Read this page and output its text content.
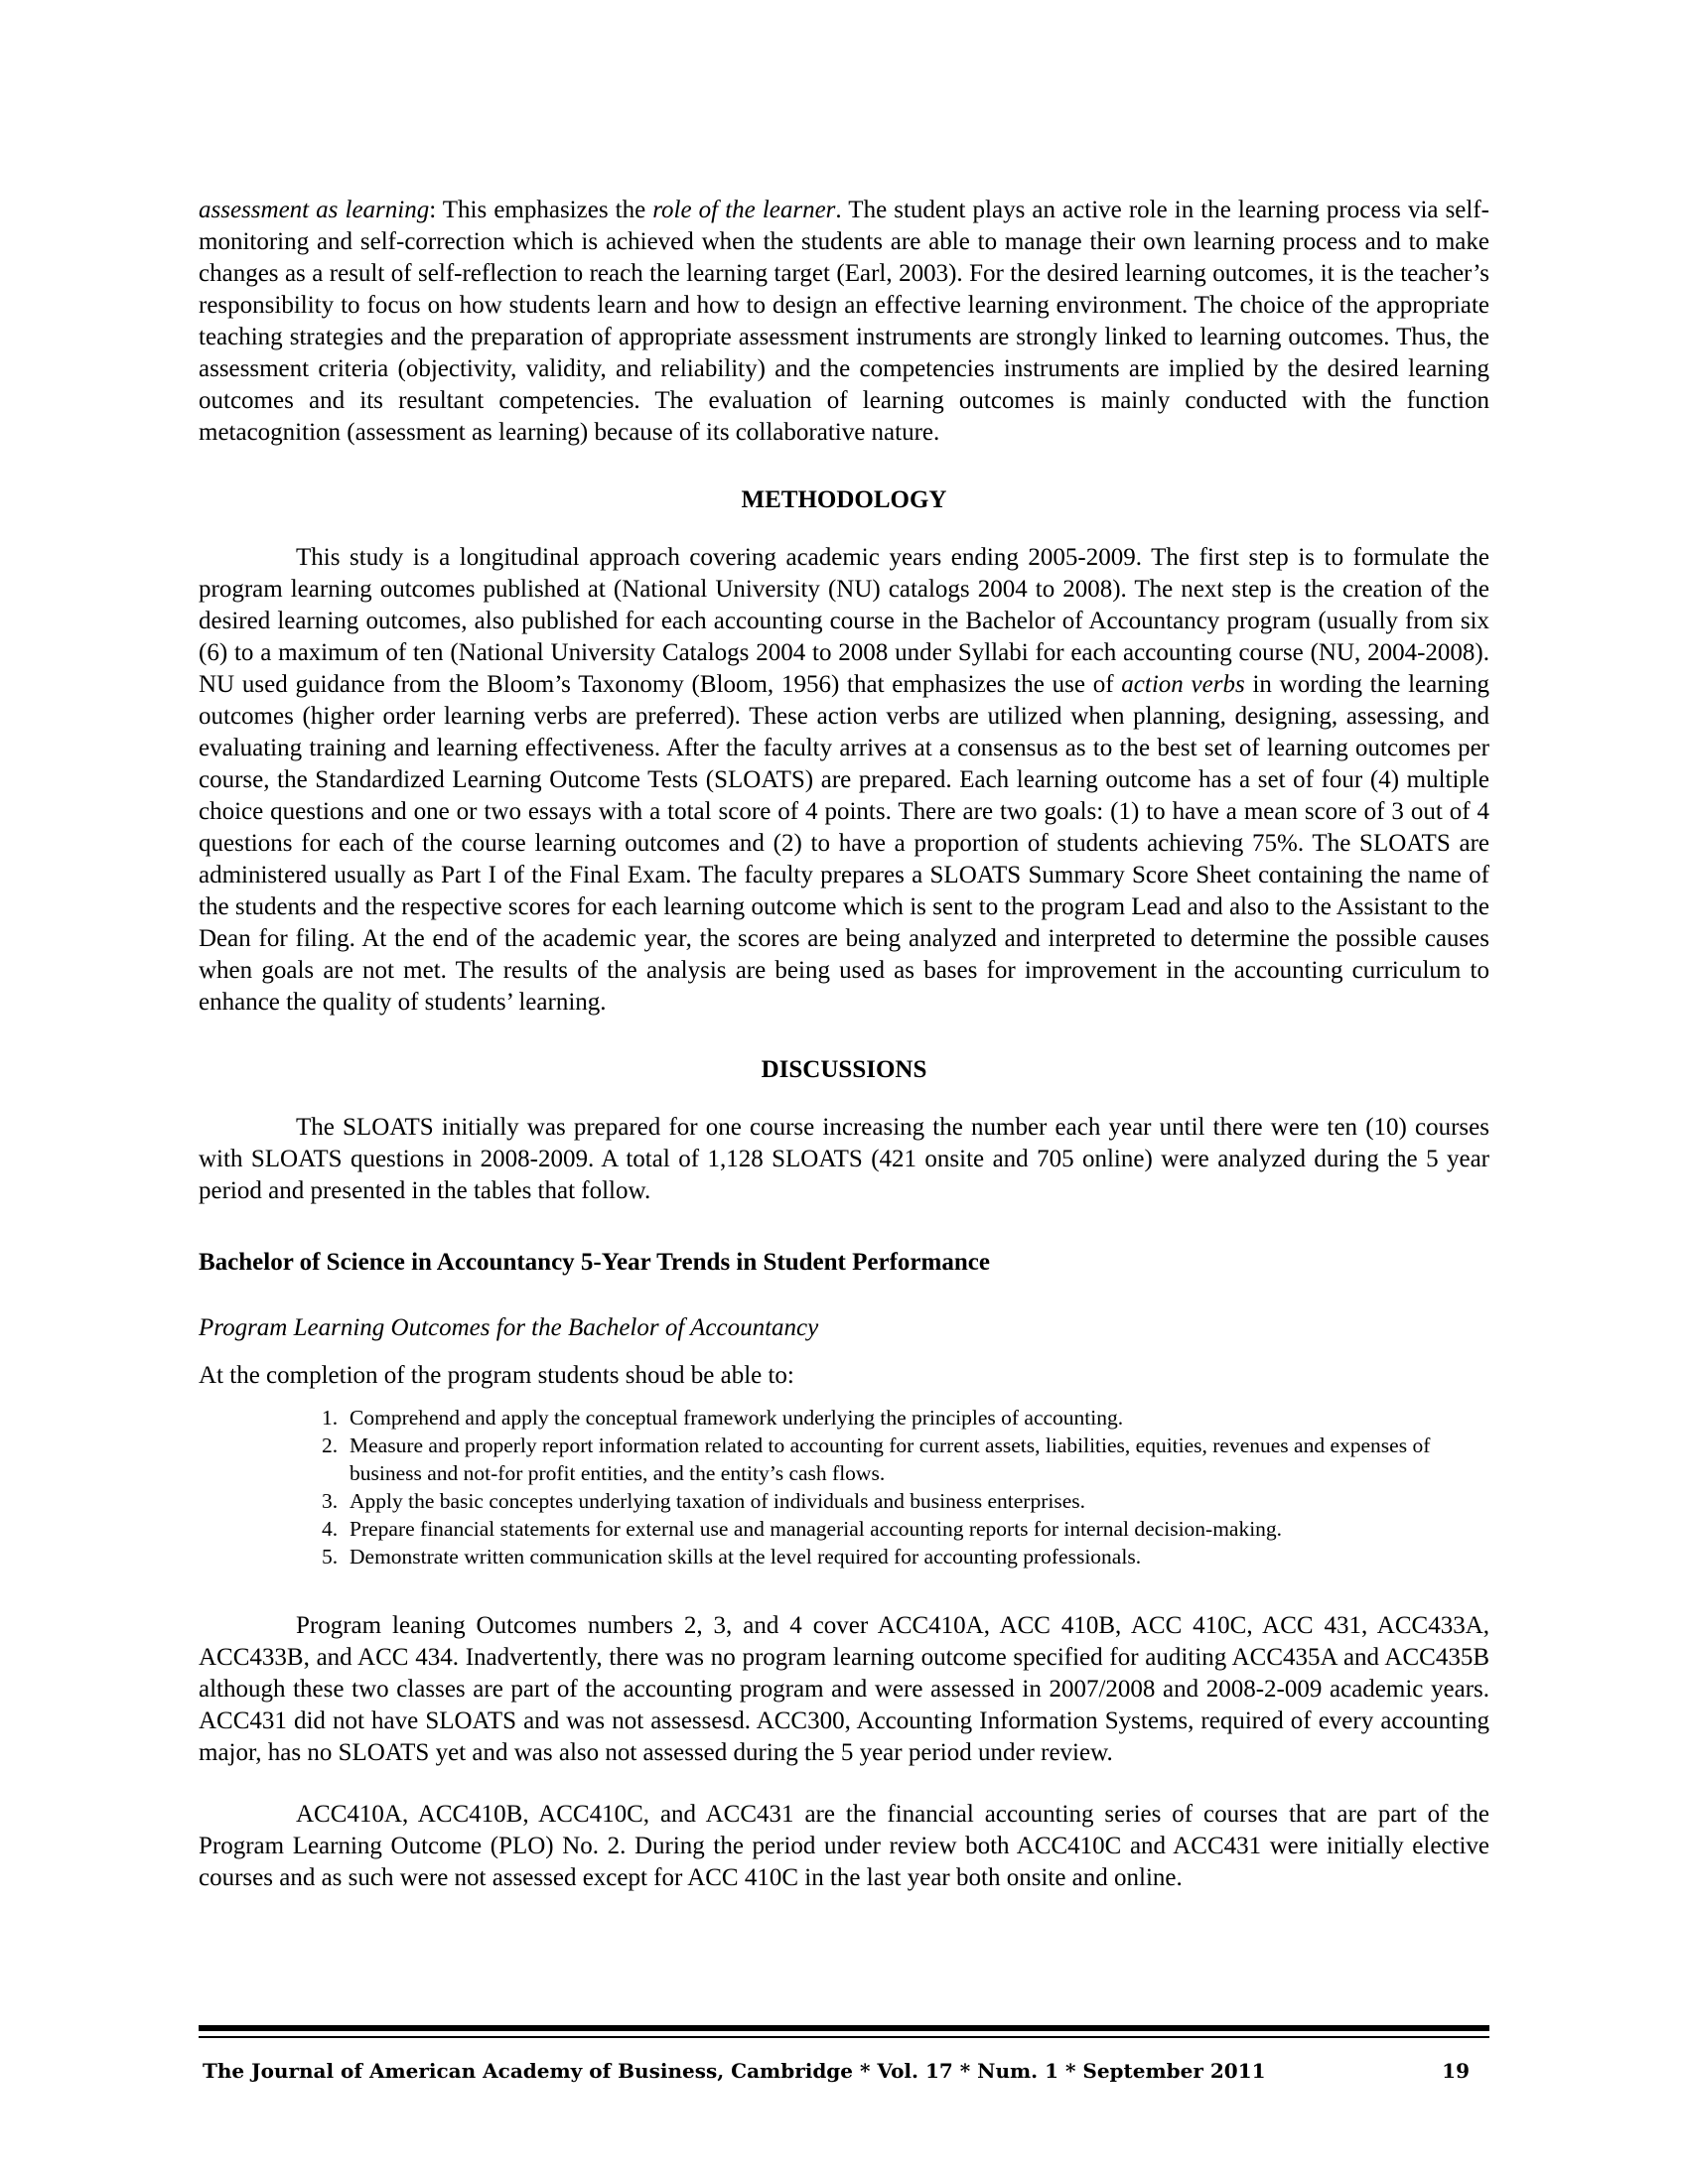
assessment as learning: This emphasizes the role of the learner. The student plays an active role in the learning process via self-monitoring and self-correction which is achieved when the students are able to manage their own learning process and to make changes as a result of self-reflection to reach the learning target (Earl, 2003). For the desired learning outcomes, it is the teacher’s responsibility to focus on how students learn and how to design an effective learning environment. The choice of the appropriate teaching strategies and the preparation of appropriate assessment instruments are strongly linked to learning outcomes. Thus, the assessment criteria (objectivity, validity, and reliability) and the competencies instruments are implied by the desired learning outcomes and its resultant competencies. The evaluation of learning outcomes is mainly conducted with the function metacognition (assessment as learning) because of its collaborative nature.

METHODOLOGY

This study is a longitudinal approach covering academic years ending 2005-2009. The first step is to formulate the program learning outcomes published at (National University (NU) catalogs 2004 to 2008). The next step is the creation of the desired learning outcomes, also published for each accounting course in the Bachelor of Accountancy program (usually from six (6) to a maximum of ten (National University Catalogs 2004 to 2008 under Syllabi for each accounting course (NU, 2004-2008). NU used guidance from the Bloom’s Taxonomy (Bloom, 1956) that emphasizes the use of action verbs in wording the learning outcomes (higher order learning verbs are preferred). These action verbs are utilized when planning, designing, assessing, and evaluating training and learning effectiveness. After the faculty arrives at a consensus as to the best set of learning outcomes per course, the Standardized Learning Outcome Tests (SLOATS) are prepared. Each learning outcome has a set of four (4) multiple choice questions and one or two essays with a total score of 4 points. There are two goals: (1) to have a mean score of 3 out of 4 questions for each of the course learning outcomes and (2) to have a proportion of students achieving 75%. The SLOATS are administered usually as Part I of the Final Exam. The faculty prepares a SLOATS Summary Score Sheet containing the name of the students and the respective scores for each learning outcome which is sent to the program Lead and also to the Assistant to the Dean for filing. At the end of the academic year, the scores are being analyzed and interpreted to determine the possible causes when goals are not met. The results of the analysis are being used as bases for improvement in the accounting curriculum to enhance the quality of students’ learning.

DISCUSSIONS

The SLOATS initially was prepared for one course increasing the number each year until there were ten (10) courses with SLOATS questions in 2008-2009. A total of 1,128 SLOATS (421 onsite and 705 online) were analyzed during the 5 year period and presented in the tables that follow.

Bachelor of Science in Accountancy 5-Year Trends in Student Performance

Program Learning Outcomes for the Bachelor of Accountancy

At the completion of the program students shoud be able to:

1. Comprehend and apply the conceptual framework underlying the principles of accounting.
2. Measure and properly report information related to accounting for current assets, liabilities, equities, revenues and expenses of business and not-for profit entities, and the entity’s cash flows.
3. Apply the basic conceptes underlying taxation of individuals and business enterprises.
4. Prepare financial statements for external use and managerial accounting reports for internal decision-making.
5. Demonstrate written communication skills at the level required for accounting professionals.

Program leaning Outcomes numbers 2, 3, and 4 cover ACC410A, ACC 410B, ACC 410C, ACC 431, ACC433A, ACC433B, and ACC 434. Inadvertently, there was no program learning outcome specified for auditing ACC435A and ACC435B although these two classes are part of the accounting program and were assessed in 2007/2008 and 2008-2-009 academic years. ACC431 did not have SLOATS and was not assessesd. ACC300, Accounting Information Systems, required of every accounting major, has no SLOATS yet and was also not assessed during the 5 year period under review.

ACC410A, ACC410B, ACC410C, and ACC431 are the financial accounting series of courses that are part of the Program Learning Outcome (PLO) No. 2. During the period under review both ACC410C and ACC431 were initially elective courses and as such were not assessed except for ACC 410C in the last year both onsite and online.

The Journal of American Academy of Business, Cambridge * Vol. 17 * Num. 1 * September 2011	19
